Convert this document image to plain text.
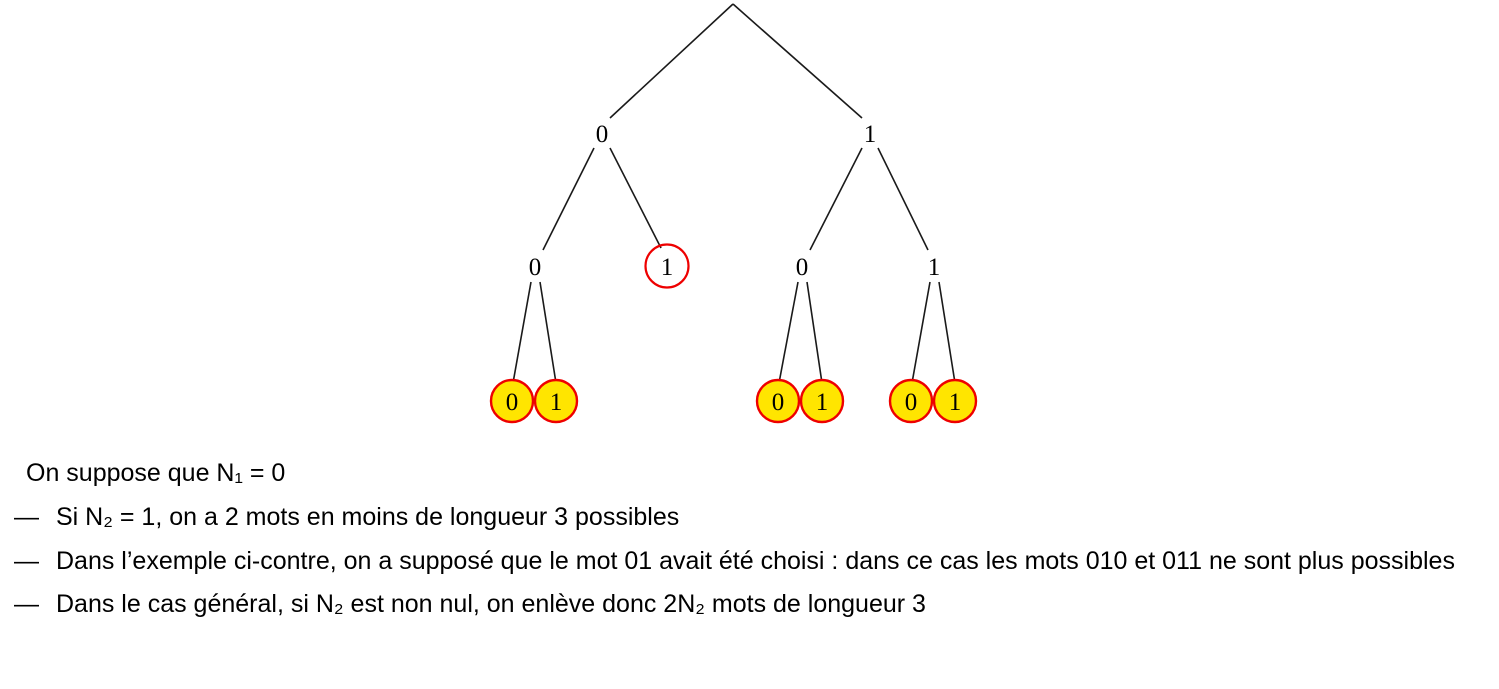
0	1
0	1	0	1
0 1	0 1	0 1

On suppose que N₁ = 0

— Si N₂ = 1, on a 2 mots en moins de longueur 3 possibles
— Dans l’exemple ci-contre, on a supposé que le mot 01 avait été choisi : dans ce cas les mots 010 et 011 ne sont plus possibles
— Dans le cas général, si N₂ est non nul, on enlève donc 2N₂ mots de longueur 3
